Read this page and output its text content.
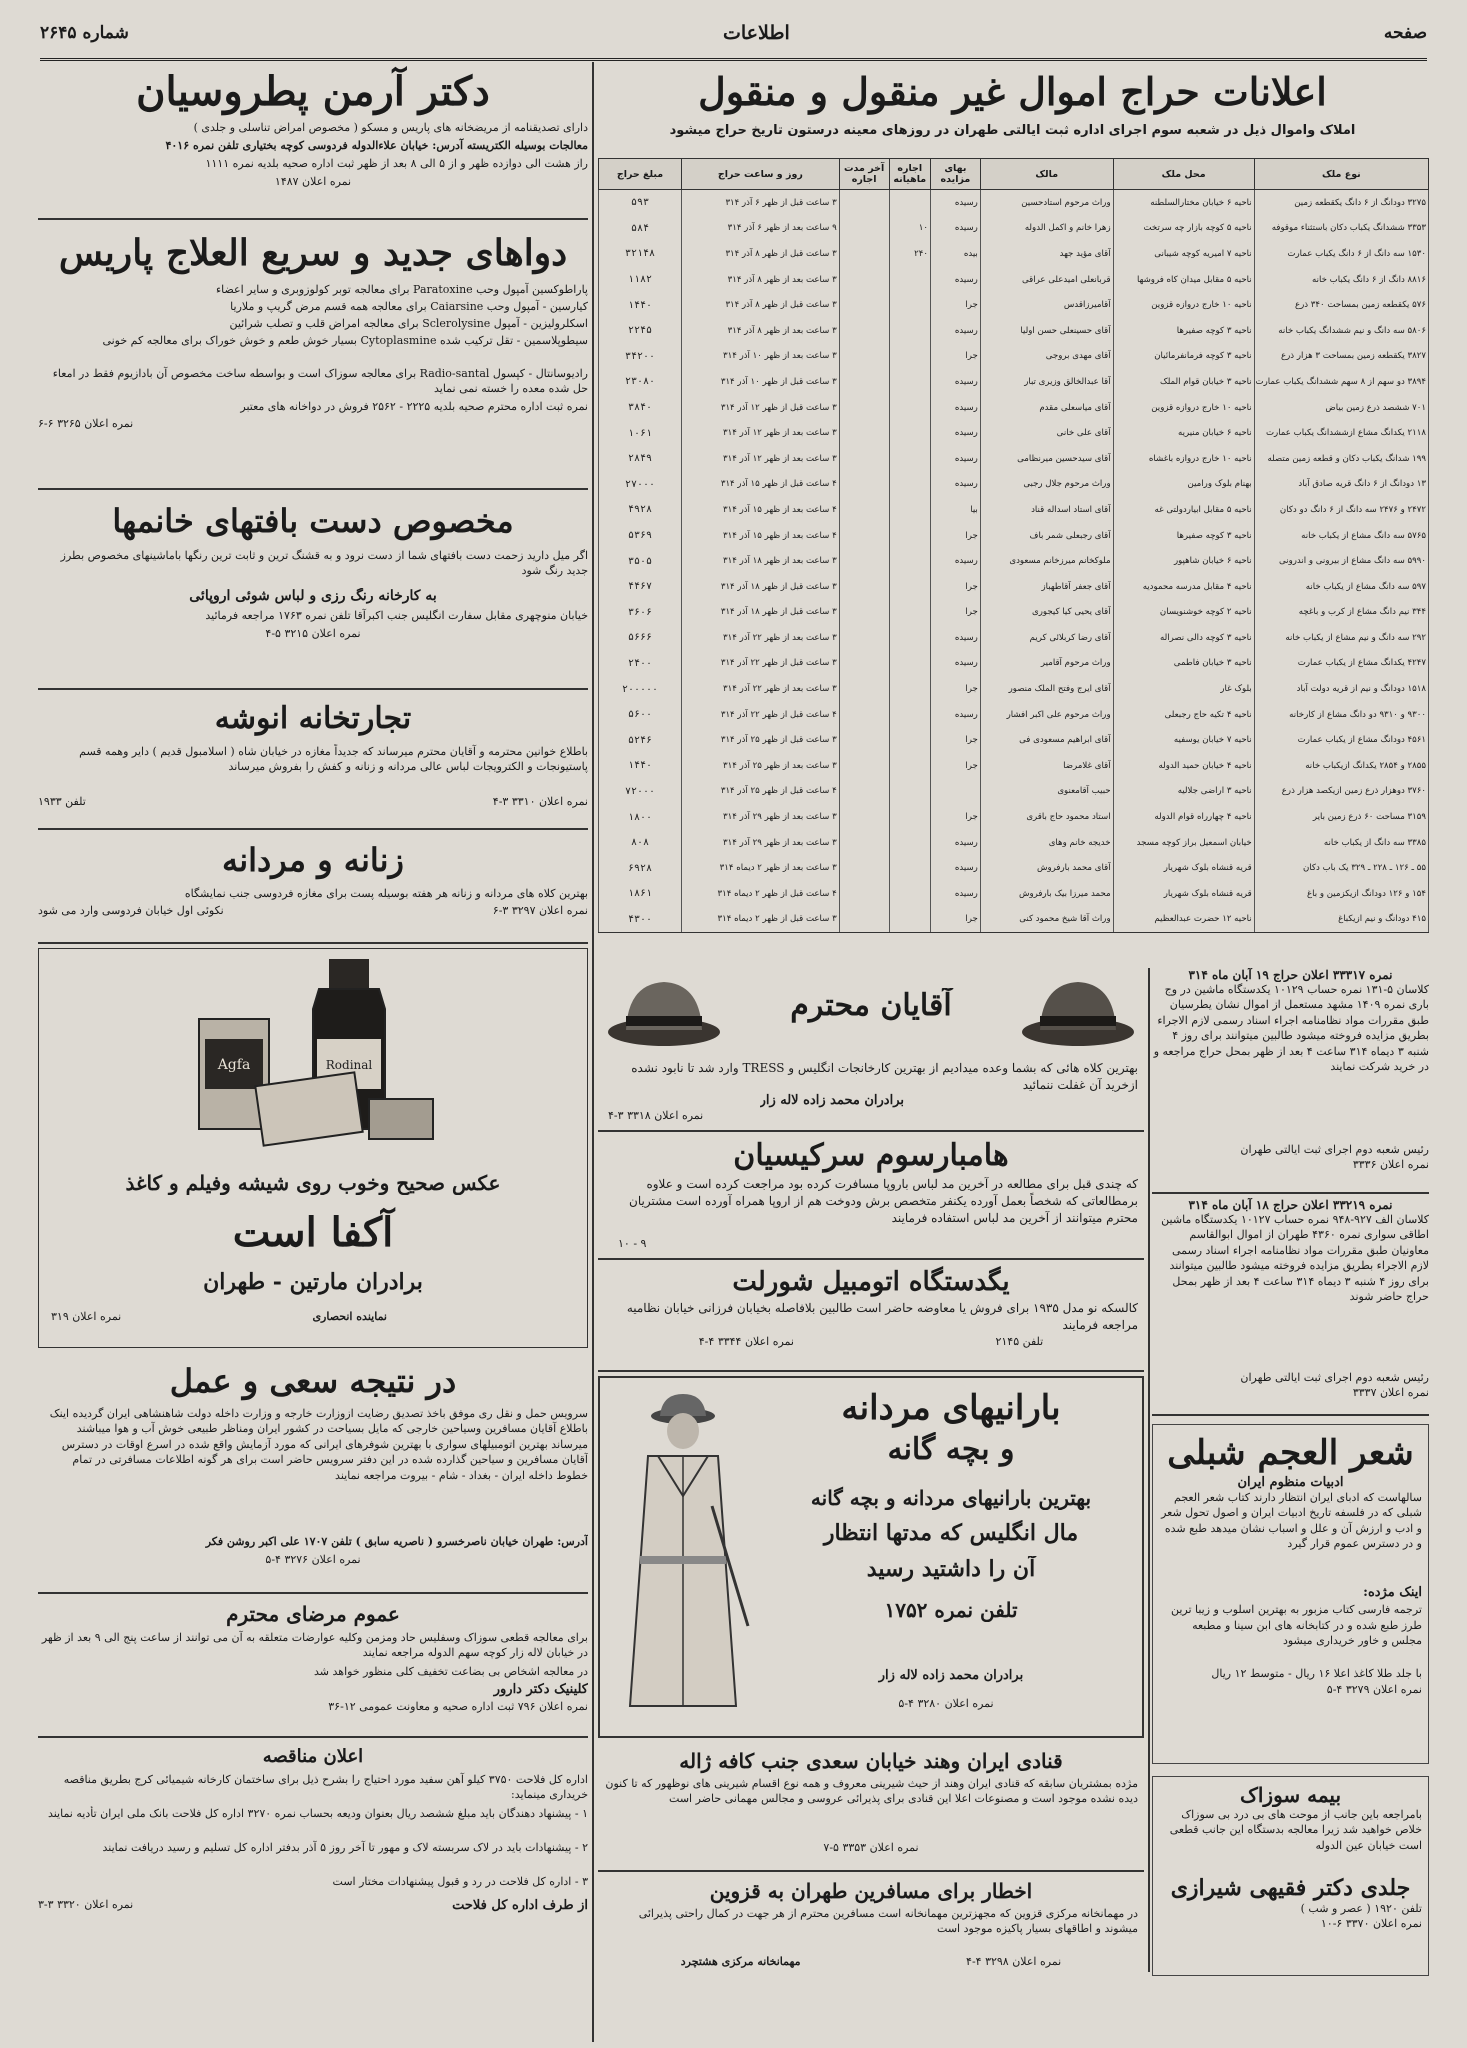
صفحه
اطلاعات
شماره ۲۶۴۵
اعلانات حراج اموال غیر منقول و منقول
املاک واموال ذیل در شعبه سوم اجرای اداره ثبت ایالتی طهران در روزهای معینه درستون تاریخ حراج میشود
نوع ملک	محل ملک	مالک	بهای مزایده	اجاره ماهیانه	آخر مدت اجاره	روز و ساعت حراج	مبلغ حراج
۳۲۷۵ دودانگ از ۶ دانگ یکقطعه زمین	ناحیه ۶ خیابان مختارالسلطنه	وراث مرحوم استادحسین	رسیده			۳ ساعت قبل از ظهر ۶ آذر ۳۱۴	۵۹۳
۳۳۵۳ ششدانگ یکباب دکان باستثناء موقوفه	ناحیه ۵ کوچه بازار چه سرتخت	زهرا خانم و اکمل الدوله	رسیده	۱۰		۹ ساعت بعد از ظهر ۶ آذر ۳۱۴	۵۸۴
۱۵۳۰ سه دانگ از ۶ دانگ یکباب عمارت	ناحیه ۷ امیریه کوچه شیبانی	آقای مؤید جهد	بیده	۲۴۰		۳ ساعت قبل از ظهر ۸ آذر ۳۱۴	۳۲۱۴۸
۸۸۱۶ دانگ از ۶ دانگ یکباب خانه	ناحیه ۵ مقابل میدان کاه فروشها	قربانعلی امیدعلی عراقی	رسیده			۳ ساعت بعد از ظهر ۸ آذر ۳۱۴	۱۱۸۲
۵۷۶ یکقطعه زمین بمساحت ۳۴۰ ذرع	ناحیه ۱۰ خارج دروازه قزوین	آقامیرزاقدس	جرا			۳ ساعت قبل از ظهر ۸ آذر ۳۱۴	۱۴۴۰
۵۸۰۶ سه دانگ و نیم ششدانگ یکباب خانه	ناحیه ۳ کوچه صفیرها	آقای حسینعلی حسن اولیا	رسیده			۳ ساعت بعد از ظهر ۸ آذر ۳۱۴	۲۲۴۵
۳۸۲۷ یکقطعه زمین بمساحت ۳ هزار ذرع	ناحیه ۳ کوچه فرمانفرمائیان	آقای مهدی بروجی	جرا			۳ ساعت بعد از ظهر ۱۰ آذر ۳۱۴	۳۴۲۰۰
۳۸۹۴ دو سهم از ۸ سهم ششدانگ یکباب عمارت	ناحیه ۳ خیابان قوام الملک	آقا عبدالخالق وزیری تبار	رسیده			۳ ساعت قبل از ظهر ۱۰ آذر ۳۱۴	۲۳۰۸۰
۷۰۱ ششصد ذرع زمین بیاض	ناحیه ۱۰ خارج دروازه قزوین	آقای میاسعلی مقدم	رسیده			۳ ساعت قبل از ظهر ۱۲ آذر ۳۱۴	۳۸۴۰
۲۱۱۸ یکدانگ مشاع ازششدانگ یکباب عمارت	ناحیه ۶ خیابان منیریه	آقای علی خانی	رسیده			۳ ساعت بعد از ظهر ۱۲ آذر ۳۱۴	۱۰۶۱
۱۹۹ شدانگ یکباب دکان و قطعه زمین متصله	ناحیه ۱۰ خارج دروازه باغشاه	آقای سیدحسین میرنظامی	رسیده			۳ ساعت بعد از ظهر ۱۲ آذر ۳۱۴	۲۸۴۹
۱۳ دودانگ از ۶ دانگ قریه صادق آباد	بهنام بلوک ورامین	وراث مرحوم جلال رجبی	رسیده			۴ ساعت قبل از ظهر ۱۵ آذر ۳۱۴	۲۷۰۰۰
۲۴۷۲ و ۲۴۷۶ سه دانگ از ۶ دانگ دو دکان	ناحیه ۵ مقابل ابیاردولتی غه	آقای استاد اسداله قناد	بیا			۴ ساعت بعد از ظهر ۱۵ آذر ۳۱۴	۴۹۲۸
۵۷۶۵ سه دانگ مشاع از یکباب خانه	ناحیه ۳ کوچه صفیرها	آقای رجبعلی شمر باف	جرا			۴ ساعت بعد از ظهر ۱۵ آذر ۳۱۴	۵۳۶۹
۵۹۹۰ سه دانگ مشاع از بیرونی و اندرونی	ناحیه ۶ خیابان شاهپور	ملوکخانم میرزخانم مسعودی	رسیده			۳ ساعت بعد از ظهر ۱۸ آذر ۳۱۴	۳۵۰۵
۵۹۷ سه دانگ مشاع از یکباب خانه	ناحیه ۴ مقابل مدرسه محمودیه	آقای جعفر آقاطهباز	جرا			۳ ساعت قبل از ظهر ۱۸ آذر ۳۱۴	۴۴۶۷
۳۴۴ نیم دانگ مشاع از کرب و باغچه	ناحیه ۲ کوچه خوشنویسان	آقای یحیی کیا کیجوری	جرا			۳ ساعت قبل از ظهر ۱۸ آذر ۳۱۴	۳۶۰۶
۲۹۲ سه دانگ و نیم مشاع از یکباب خانه	ناحیه ۳ کوچه دالی نصراله	آقای رضا کربلائی کریم	رسیده			۳ ساعت بعد از ظهر ۲۲ آذر ۳۱۴	۵۶۶۶
۴۲۴۷ یکدانگ مشاع از یکباب عمارت	ناحیه ۳ خیابان فاطمی	وراث مرحوم آقامیر	رسیده			۳ ساعت قبل از ظهر ۲۲ آذر ۳۱۴	۲۴۰۰
۱۵۱۸ دودانگ و نیم از قریه دولت آباد	بلوک غار	آقای ایرج وفتح الملک منصور	جرا			۳ ساعت بعد از ظهر ۲۲ آذر ۳۱۴	۲۰۰۰۰۰
۹۳۰۰ و ۹۳۱۰ دو دانگ مشاع از کارخانه	ناحیه ۴ تکیه حاج رجبعلی	وراث مرحوم علی اکبر افشار	رسیده			۴ ساعت قبل از ظهر ۲۲ آذر ۳۱۴	۵۶۰۰
۴۵۶۱ دودانگ مشاع از یکباب عمارت	ناحیه ۷ خیابان یوسفیه	آقای ابراهیم مسعودی فی	جرا			۳ ساعت قبل از ظهر ۲۵ آذر ۳۱۴	۵۲۴۶
۲۸۵۵ و ۲۸۵۴ یکدانگ ازیکباب خانه	ناحیه ۴ خیابان حمید الدوله	آقای غلامرضا	جرا			۳ ساعت بعد از ظهر ۲۵ آذر ۳۱۴	۱۴۴۰
۳۷۶۰ دوهزار ذرع زمین ازیکصد هزار ذرع	ناحیه ۳ اراضی جلالیه	حبیب آقامعنوی				۴ ساعت قبل از ظهر ۲۵ آذر ۳۱۴	۷۲۰۰۰
۳۱۵۹ مساحت ۶۰ ذرع زمین بایر	ناحیه ۴ چهارراه قوام الدوله	استاد محمود حاج باقری	جرا			۳ ساعت بعد از ظهر ۲۹ آذر ۳۱۴	۱۸۰۰
۳۳۸۵ سه دانگ از یکباب خانه	خیابان اسمعیل براز کوچه مسجد	خدیجه خانم وهای	رسیده			۳ ساعت بعد از ظهر ۲۹ آذر ۳۱۴	۸۰۸
۵۵ ـ ۱۲۶ ـ ۲۲۸ ـ ۳۲۹ یک باب دکان	قریه قنشاه بلوک شهریار	آقای محمد بارفروش	رسیده			۳ ساعت بعد از ظهر ۲ دیماه ۳۱۴	۶۹۲۸
۱۵۴ و ۱۲۶ دودانگ ازیکزمین و باغ	قریه قنشاه بلوک شهریار	محمد میرزا بیک بارفروش	رسیده			۴ ساعت قبل از ظهر ۲ دیماه ۳۱۴	۱۸۶۱
۴۱۵ دودانگ و نیم ازیکباغ	ناحیه ۱۲ حضرت عبدالعظیم	وراث آقا شیخ محمود کنی	جرا			۳ ساعت قبل از ظهر ۲ دیماه ۳۱۴	۴۳۰۰
نمره ۳۳۳۱۷ اعلان حراج ۱۹ آبان ماه ۳۱۴
کلاسان ۵-۱۳۱ نمره حساب ۱۰۱۲۹ یکدستگاه ماشین در وج باری نمره ۱۴۰۹ مشهد مستعمل از اموال نشان یطرسیان طبق مقررات مواد نظامنامه اجراء اسناد رسمی لازم الاجراء بطریق مزایده فروخته میشود طالبین میتوانند برای روز ۴ شنبه ۳ دیماه ۳۱۴ ساعت ۴ بعد از ظهر بمحل حراج مراجعه و در خرید شرکت نمایند
رئیس شعبه دوم اجرای ثبت ایالتی طهران
نمره اعلان ۳۳۳۶
نمره ۳۳۲۱۹ اعلان حراج ۱۸ آبان ماه ۳۱۴
کلاسان الف ۹۲۷-۹۴۸ نمره حساب ۱۰۱۲۷ یکدستگاه ماشین اطاقی سواری نمره ۴۳۶۰ طهران از اموال ابوالقاسم معاونیان طبق مقررات مواد نظامنامه اجراء اسناد رسمی لازم الاجراء بطریق مزایده فروخته میشود طالبین میتوانند برای روز ۴ شنبه ۳ دیماه ۳۱۴ ساعت ۴ بعد از ظهر بمحل حراج حاضر شوند
رئیس شعبه دوم اجرای ثبت ایالتی طهران
نمره اعلان ۳۳۳۷
شعر العجم شبلی
ادبیات منظوم ایران
سالهاست که ادبای ایران انتظار دارند کتاب شعر العجم شبلی که در فلسفه تاریخ ادبیات ایران و اصول تحول شعر و ادب و ارزش آن و علل و اسباب نشان میدهد طبع شده و در دسترس عموم قرار گیرد
اینک مژده:
ترجمه فارسی کتاب مزبور به بهترین اسلوب و زیبا ترین طرز طبع شده و در کتابخانه های ابن سینا و مطبعه مجلس و خاور خریداری میشود
با جلد طلا کاغذ اعلا ۱۶ ریال - متوسط ۱۲ ریال
نمره اعلان ۳۲۷۹ ۴-۵
بیمه سوزاک
بامراجعه باین جانب از موحت های بی درد بی سوزاک خلاص خواهید شد زیرا معالجه بدستگاه این جانب قطعی است خیابان عین الدوله
جلدی دکتر فقیهی شیرازی
تلفن ۱۹۲۰ ( عصر و شب )
نمره اعلان ۳۳۷۰ ۶-۱۰
آقایان محترم
بهترین کلاه هائی که بشما وعده میدادیم از بهترین کارخانجات انگلیس و TRESS وارد شد تا نابود نشده ازخرید آن غفلت ننمائید
برادران محمد زاده لاله زار
نمره اعلان ۳۳۱۸ ۳-۴
هامبارسوم سرکیسیان
که چندی قبل برای مطالعه در آخرین مد لباس باروپا مسافرت کرده بود مراجعت کرده است و علاوه برمطالعاتی که شخصاً بعمل آورده یکنفر متخصص برش ودوخت هم از اروپا همراه آورده است مشتریان محترم میتوانند از آخرین مد لباس استفاده فرمایند
۹ - ۱۰
یگدستگاه اتومبیل شورلت
کالسکه نو مدل ۱۹۳۵ برای فروش یا معاوضه حاضر است طالبین بلافاصله بخیابان فرزانی خیابان نظامیه مراجعه فرمایند
تلفن ۲۱۴۵
نمره اعلان ۳۳۴۴ ۴-۴
بارانیهای مردانه
و بچه گانه
بهترین بارانیهای مردانه و بچه گانه
مال انگلیس که مدتها انتظار
آن را داشتید رسید
تلفن نمره ۱۷۵۲
برادران محمد زاده لاله زار
نمره اعلان ۳۲۸۰ ۴-۵
قنادی ایران وهند خیابان سعدی جنب کافه ژاله
مژده بمشتریان سابقه که قنادی ایران وهند از حیث شیرینی معروف و همه نوع اقسام شیرینی های نوظهور که تا کنون دیده نشده موجود است و مصنوعات اعلا این قنادی برای پذیرائی عروسی و مجالس مهمانی حاضر است
نمره اعلان ۳۳۵۳ ۵-۷
اخطار برای مسافرین طهران به قزوین
در مهمانخانه مرکزی قزوین که مجهزترین مهمانخانه است مسافرین محترم از هر جهت در کمال راحتی پذیرائی میشوند و اطاقهای بسیار پاکیزه موجود است
نمره اعلان ۳۲۹۸ ۴-۴
مهمانخانه مرکزی هشتچرد
دکتر آرمن پطروسیان
دارای تصدیقنامه از مریضخانه های پاریس و مسکو ( مخصوص امراض تناسلی و جلدی )
معالجات بوسیله الکتریسته آدرس: خیابان علاءالدوله فردوسی کوچه بختیاری تلفن نمره ۴۰۱۶
راز هشت الی دوازده ظهر و از ۵ الی ۸ بعد از ظهر ثبت اداره صحیه بلدیه نمره ۱۱۱۱
نمره اعلان ۱۴۸۷
دواهای جدید و سریع العلاج پاریس
پاراطوکسین آمپول وحب Paratoxine برای معالجه توبر کولوزوبری و سایر اعضاء
کیارسین - آمپول وحب Caiarsine برای معالجه همه قسم مرض گریپ و ملاریا
اسکلرولیزین - آمپول Sclerolysine برای معالجه امراض قلب و تصلب شرائین
سیطوپلاسمین - تقل ترکیب شده Cytoplasmine بسیار خوش طعم و خوش خوراک برای معالجه کم خونی
رادیوسانتال - کپسول Radio-santal برای معالجه سوزاک است و بواسطه ساخت مخصوص آن بادازیوم فقط در امعاء حل شده معده را خسته نمی نماید
نمره ثبت اداره محترم صحیه بلدیه ۲۲۲۵ - ۲۵۶۲ فروش در دواخانه های معتبر
نمره اعلان ۳۲۶۵ ۶-۶
مخصوص دست بافتهای خانمها
اگر میل دارید زحمت دست بافتهای شما از دست نرود و به قشنگ ترین و ثابت ترین رنگها باماشینهای مخصوص بطرز جدید رنگ شود
به کارخانه رنگ رزی و لباس شوئی اروپائی
خیابان منوچهری مقابل سفارت انگلیس جنب اکبرآقا تلفن نمره ۱۷۶۳ مراجعه فرمائید
نمره اعلان ۳۲۱۵ ۵-۴
تجارتخانه انوشه
باطلاع خوانین محترمه و آقایان محترم میرساند که جدیداً مغازه در خیابان شاه ( اسلامبول قدیم ) دایر وهمه قسم پاستیونجات و الکترویجات لباس عالی مردانه و زنانه و کفش را بفروش میرساند
نمره اعلان ۳۳۱۰ ۳-۴
تلفن ۱۹۳۳
زنانه و مردانه
بهترین کلاه های مردانه و زنانه هر هفته بوسیله پست برای مغازه فردوسی جنب نمایشگاه
نمره اعلان ۳۲۹۷ ۳-۶
نکوئی اول خیابان فردوسی وارد می شود
Rodinal
Agfa
عکس صحیح وخوب روی شیشه وفیلم و کاغذ
آکفا است
برادران مارتین - طهران
نماینده انحصاری
نمره اعلان ۳۱۹
در نتیجه سعی و عمل
سرویس حمل و نقل ری موفق باخذ تصدیق رضایت ازوزارت خارجه و وزارت داخله دولت شاهنشاهی ایران گردیده اینک باطلاع آقایان مسافرین وسیاحین خارجی که مایل بسیاحت در کشور ایران ومناظر طبیعی خوش آب و هوا میباشند میرساند بهترین اتومبیلهای سواری با بهترین شوفرهای ایرانی که مورد آزمایش واقع شده در اسرع اوقات در دسترس آقایان مسافرین و سیاحین گذارده شده در این دفتر سرویس حاضر است برای هر گونه اطلاعات مسافرتی در تمام خطوط داخله ایران - بغداد - شام - بیروت مراجعه نمایند
آدرس: طهران خیابان ناصرخسرو ( ناصریه سابق ) تلفن ۱۷۰۷ علی اکبر روشن فکر
نمره اعلان ۳۲۷۶ ۴-۵
عموم مرضای محترم
برای معالجه قطعی سوزاک وسفلیس حاد ومزمن وکلیه عوارضات متعلقه به آن می توانند از ساعت پنج الی ۹ بعد از ظهر در خیابان لاله زار کوچه سهم الدوله مراجعه نمایند
در معالجه اشخاص بی بضاعت تخفیف کلی منظور خواهد شد
کلینیک دکتر دارور
نمره اعلان ۷۹۶ ثبت اداره صحیه و معاونت عمومی ۱۲-۳۶
اعلان مناقصه
اداره کل فلاحت ۳۷۵۰ کیلو آهن سفید مورد احتیاج را بشرح ذیل برای ساختمان کارخانه شیمیائی کرج بطریق مناقصه خریداری مینماید:
۱ - پیشنهاد دهندگان باید مبلغ ششصد ریال بعنوان ودیعه بحساب نمره ۳۲۷۰ اداره کل فلاحت بانک ملی ایران تأدیه نمایند
۲ - پیشنهادات باید در لاک سربسته لاک و مهور تا آخر روز ۵ آذر بدفتر اداره کل تسلیم و رسید دریافت نمایند
۳ - اداره کل فلاحت در رد و قبول پیشنهادات مختار است
از طرف اداره کل فلاحت
نمره اعلان ۳۳۲۰ ۳-۳
